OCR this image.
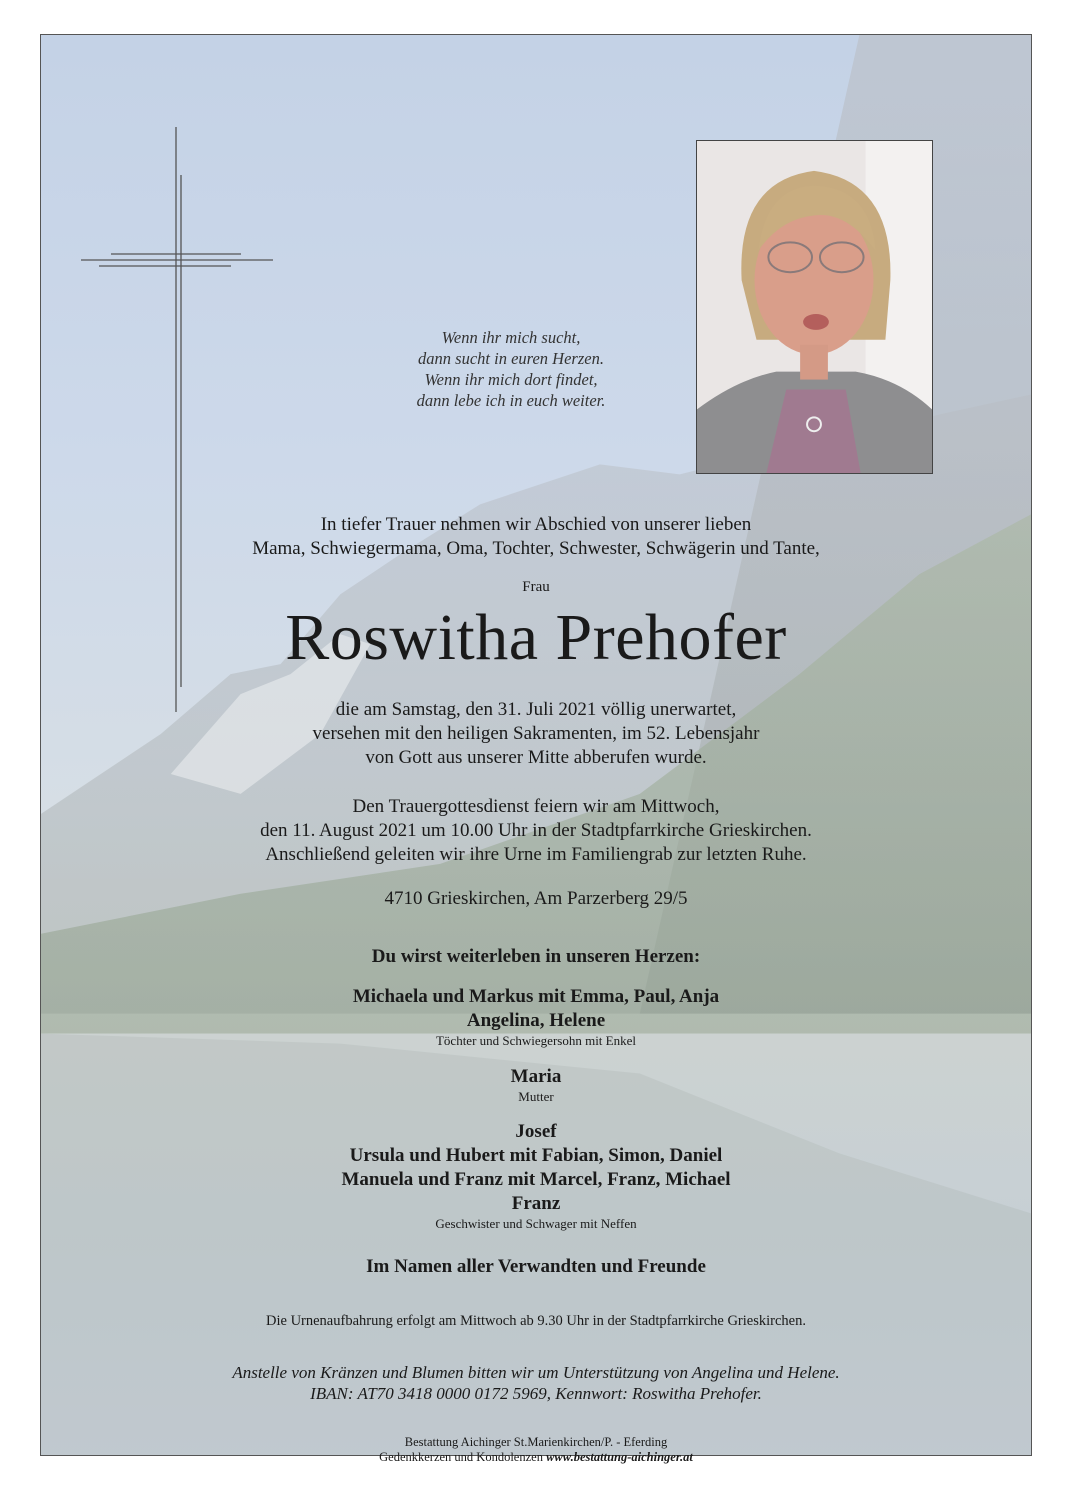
Wenn ihr mich sucht,
dann sucht in euren Herzen.
Wenn ihr mich dort findet,
dann lebe ich in euch weiter.
In tiefer Trauer nehmen wir Abschied von unserer lieben
Mama, Schwiegermama, Oma, Tochter, Schwester, Schwägerin und Tante,
Frau
Roswitha Prehofer
die am Samstag, den 31. Juli 2021 völlig unerwartet,
versehen mit den heiligen Sakramenten, im 52. Lebensjahr
von Gott aus unserer Mitte abberufen wurde.
Den Trauergottesdienst feiern wir am Mittwoch,
den 11. August 2021 um 10.00 Uhr in der Stadtpfarrkirche Grieskirchen.
Anschließend geleiten wir ihre Urne im Familiengrab zur letzten Ruhe.
4710 Grieskirchen, Am Parzerberg 29/5
Du wirst weiterleben in unseren Herzen:
Michaela und Markus mit Emma, Paul, Anja
Angelina, Helene
Töchter und Schwiegersohn mit Enkel
Maria
Mutter
Josef
Ursula und Hubert mit Fabian, Simon, Daniel
Manuela und Franz mit Marcel, Franz, Michael
Franz
Geschwister und Schwager mit Neffen
Im Namen aller Verwandten und Freunde
Die Urnenaufbahrung erfolgt am Mittwoch ab 9.30 Uhr in der Stadtpfarrkirche Grieskirchen.
Anstelle von Kränzen und Blumen bitten wir um Unterstützung von Angelina und Helene.
IBAN: AT70 3418 0000 0172 5969, Kennwort: Roswitha Prehofer.
Bestattung Aichinger St.Marienkirchen/P. - Eferding
Gedenkkerzen und Kondolenzen www.bestattung-aichinger.at
